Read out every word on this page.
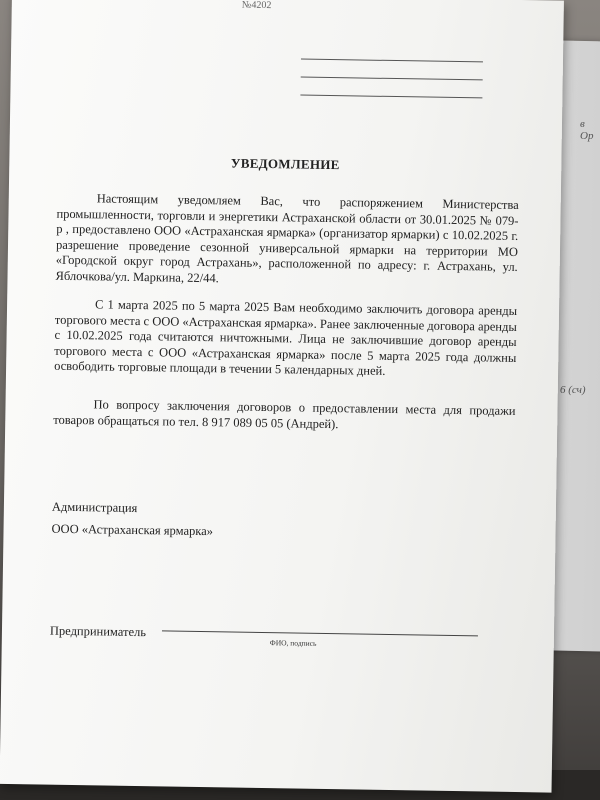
в Ор
6 (сч)
№4202
УВЕДОМЛЕНИЕ

Настоящим уведомляем Вас, что распоряжением Министерства промышленности, торговли и энергетики Астраханской области от 30.01.2025 № 079-р , предоставлено ООО «Астраханская ярмарка» (организатор ярмарки) с 10.02.2025 г. разрешение проведение сезонной универсальной ярмарки на территории МО «Городской округ город Астрахань», расположенной по адресу: г. Астрахань, ул. Яблочкова/ул. Маркина, 22/44.

С 1 марта 2025 по 5 марта 2025 Вам необходимо заключить договора аренды торгового места с ООО «Астраханская ярмарка». Ранее заключенные договора аренды с 10.02.2025 года считаются ничтожными. Лица не заключившие договор аренды торгового места с ООО «Астраханская ярмарка» после 5 марта 2025 года должны освободить торговые площади в течении 5 календарных дней.

По вопросу заключения договоров о предоставлении места для продажи товаров обращаться по тел. 8 917 089 05 05 (Андрей).

Администрация
ООО «Астраханская ярмарка»
Предприниматель
ФИО, подпись
